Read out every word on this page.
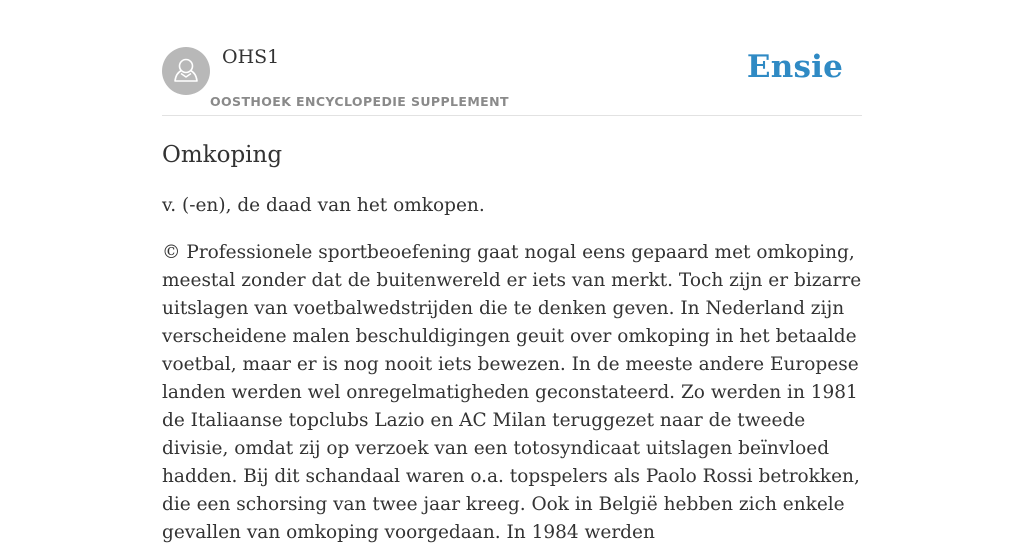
OHS1
OOSTHOEK ENCYCLOPEDIE SUPPLEMENT
Ensie
Omkoping

v. (-en), de daad van het omkopen.

© Professionele sportbeoefening gaat nogal eens gepaard met omkoping, meestal zonder dat de buitenwereld er iets van merkt. Toch zijn er bizarre uitslagen van voetbalwedstrijden die te denken geven. In Nederland zijn verscheidene malen beschuldigingen geuit over omkoping in het betaalde voetbal, maar er is nog nooit iets bewezen. In de meeste andere Europese landen werden wel onregelmatigheden geconstateerd. Zo werden in 1981 de Italiaanse topclubs Lazio en AC Milan teruggezet naar de tweede divisie, omdat zij op verzoek van een totosyndicaat uitslagen beïnvloed hadden. Bij dit schandaal waren o.a. topspelers als Paolo Rossi betrokken, die een schorsing van twee jaar kreeg. Ook in België hebben zich enkele gevallen van omkoping voorgedaan. In 1984 werden
